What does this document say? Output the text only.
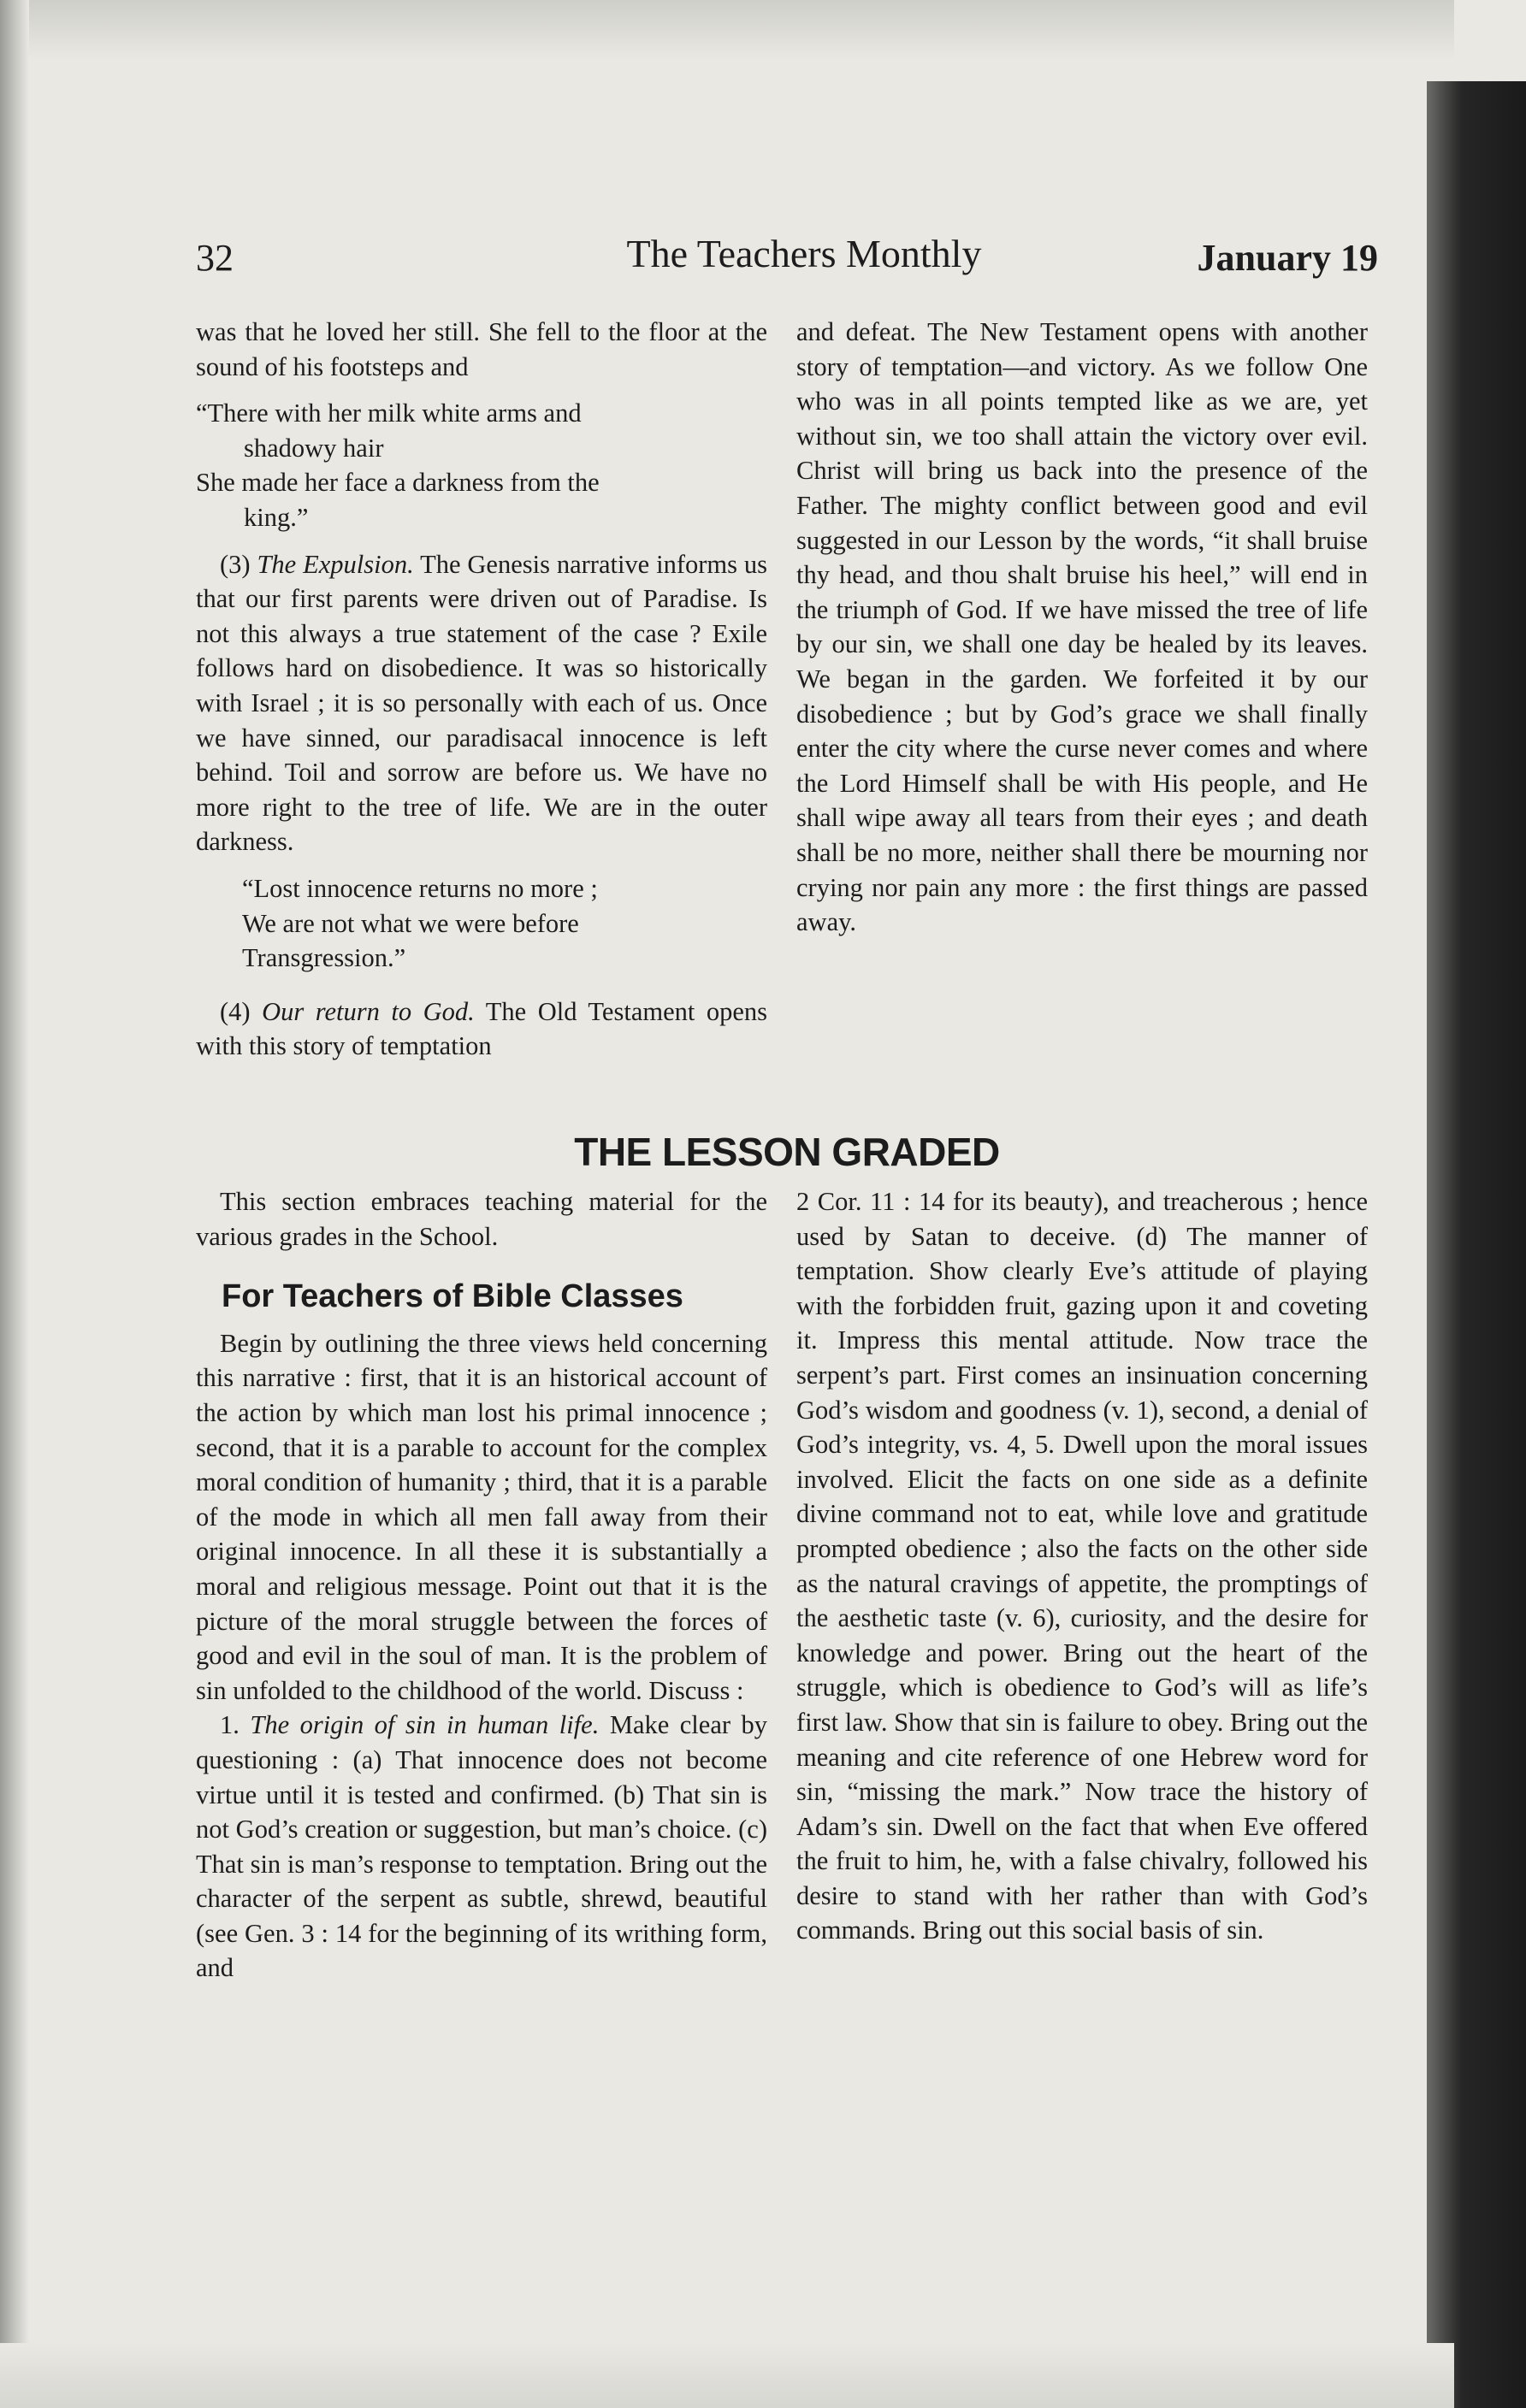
32	The Teachers Monthly	January 19

was that he loved her still. She fell to the floor at the sound of his footsteps and

“There with her milk white arms and

shadowy hair

She made her face a darkness from the

king.”

(3) The Expulsion. The Genesis narrative informs us that our first parents were driven out of Paradise. Is not this always a true statement of the case ? Exile follows hard on disobedience. It was so historically with Israel ; it is so personally with each of us. Once we have sinned, our paradisacal innocence is left behind. Toil and sorrow are before us. We have no more right to the tree of life. We are in the outer darkness.

“Lost innocence returns no more ;
We are not what we were before
Transgression.”

(4) Our return to God. The Old Testament opens with this story of temptation

and defeat. The New Testament opens with another story of temptation—and victory. As we follow One who was in all points tempted like as we are, yet without sin, we too shall attain the victory over evil. Christ will bring us back into the presence of the Father. The mighty conflict between good and evil suggested in our Lesson by the words, “it shall bruise thy head, and thou shalt bruise his heel,” will end in the triumph of God. If we have missed the tree of life by our sin, we shall one day be healed by its leaves. We began in the garden. We forfeited it by our disobedience ; but by God’s grace we shall finally enter the city where the curse never comes and where the Lord Himself shall be with His people, and He shall wipe away all tears from their eyes ; and death shall be no more, neither shall there be mourning nor crying nor pain any more : the first things are passed away.

THE LESSON GRADED

This section embraces teaching material for the various grades in the School.

For Teachers of Bible Classes

Begin by outlining the three views held concerning this narrative : first, that it is an historical account of the action by which man lost his primal innocence ; second, that it is a parable to account for the complex moral condition of humanity ; third, that it is a parable of the mode in which all men fall away from their original innocence. In all these it is substantially a moral and religious message. Point out that it is the picture of the moral struggle between the forces of good and evil in the soul of man. It is the problem of sin unfolded to the childhood of the world. Discuss :

1. The origin of sin in human life. Make clear by questioning : (a) That innocence does not become virtue until it is tested and confirmed. (b) That sin is not God’s creation or suggestion, but man’s choice. (c) That sin is man’s response to temptation. Bring out the character of the serpent as subtle, shrewd, beautiful (see Gen. 3 : 14 for the beginning of its writhing form, and

2 Cor. 11 : 14 for its beauty), and treacherous ; hence used by Satan to deceive. (d) The manner of temptation. Show clearly Eve’s attitude of playing with the forbidden fruit, gazing upon it and coveting it. Impress this mental attitude. Now trace the serpent’s part. First comes an insinuation concerning God’s wisdom and goodness (v. 1), second, a denial of God’s integrity, vs. 4, 5. Dwell upon the moral issues involved. Elicit the facts on one side as a definite divine command not to eat, while love and gratitude prompted obedience ; also the facts on the other side as the natural cravings of appetite, the promptings of the aesthetic taste (v. 6), curiosity, and the desire for knowledge and power. Bring out the heart of the struggle, which is obedience to God’s will as life’s first law. Show that sin is failure to obey. Bring out the meaning and cite reference of one Hebrew word for sin, “missing the mark.” Now trace the history of Adam’s sin. Dwell on the fact that when Eve offered the fruit to him, he, with a false chivalry, followed his desire to stand with her rather than with God’s commands. Bring out this social basis of sin.
